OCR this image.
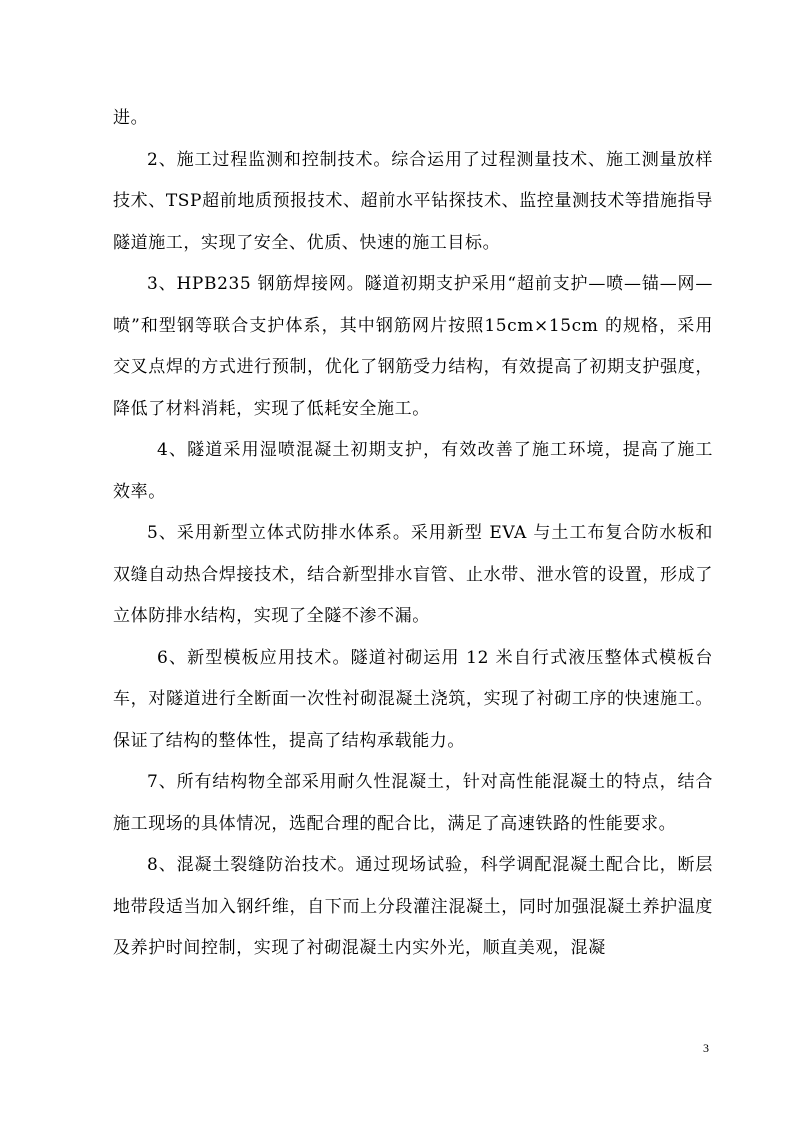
进。

2、施工过程监测和控制技术。综合运用了过程测量技术、施工测量放样技术、TSP超前地质预报技术、超前水平钻探技术、监控量测技术等措施指导隧道施工，实现了安全、优质、快速的施工目标。

3、HPB235 钢筋焊接网。隧道初期支护采用“超前支护—喷—锚—网—喷”和型钢等联合支护体系，其中钢筋网片按照15cm×15cm 的规格，采用交叉点焊的方式进行预制，优化了钢筋受力结构，有效提高了初期支护强度，降低了材料消耗，实现了低耗安全施工。

4、隧道采用湿喷混凝土初期支护，有效改善了施工环境，提高了施工效率。

5、采用新型立体式防排水体系。采用新型 EVA 与土工布复合防水板和双缝自动热合焊接技术，结合新型排水盲管、止水带、泄水管的设置，形成了立体防排水结构，实现了全隧不渗不漏。

6、新型模板应用技术。隧道衬砌运用 12 米自行式液压整体式模板台车，对隧道进行全断面一次性衬砌混凝土浇筑，实现了衬砌工序的快速施工。保证了结构的整体性，提高了结构承载能力。

7、所有结构物全部采用耐久性混凝土，针对高性能混凝土的特点，结合施工现场的具体情况，选配合理的配合比，满足了高速铁路的性能要求。

8、混凝土裂缝防治技术。通过现场试验，科学调配混凝土配合比，断层地带段适当加入钢纤维，自下而上分段灌注混凝土，同时加强混凝土养护温度及养护时间控制，实现了衬砌混凝土内实外光，顺直美观，混凝

3
